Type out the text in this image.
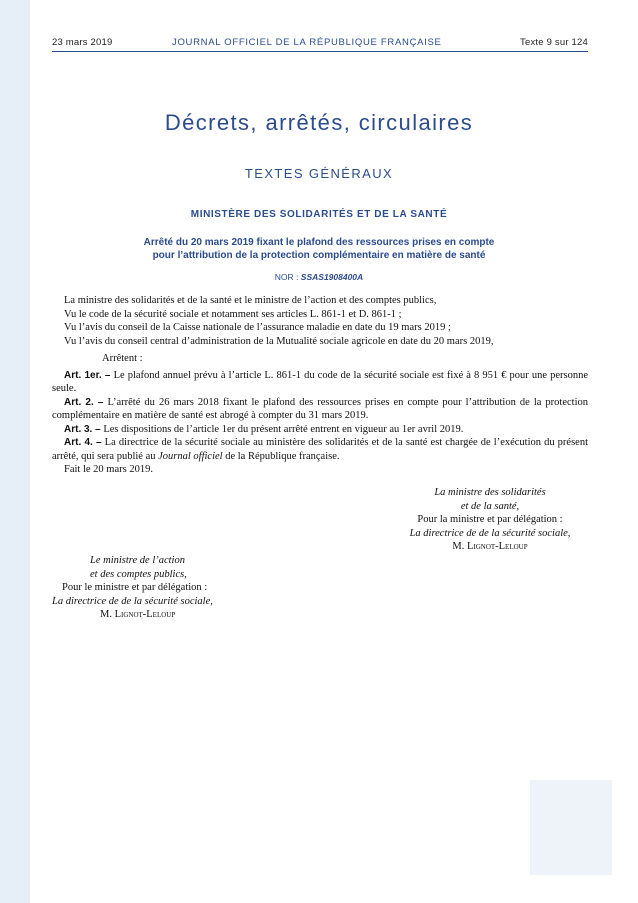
23 mars 2019	JOURNAL OFFICIEL DE LA RÉPUBLIQUE FRANÇAISE	Texte 9 sur 124
Décrets, arrêtés, circulaires
TEXTES GÉNÉRAUX
MINISTÈRE DES SOLIDARITÉS ET DE LA SANTÉ
Arrêté du 20 mars 2019 fixant le plafond des ressources prises en compte
pour l’attribution de la protection complémentaire en matière de santé
NOR : SSAS1908400A

La ministre des solidarités et de la santé et le ministre de l’action et des comptes publics,

Vu le code de la sécurité sociale et notamment ses articles L. 861-1 et D. 861-1 ;

Vu l’avis du conseil de la Caisse nationale de l’assurance maladie en date du 19 mars 2019 ;

Vu l’avis du conseil central d’administration de la Mutualité sociale agricole en date du 20 mars 2019,

Arrêtent :

Art. 1er. – Le plafond annuel prévu à l’article L. 861-1 du code de la sécurité sociale est fixé à 8 951 € pour une personne seule.

Art. 2. – L’arrêté du 26 mars 2018 fixant le plafond des ressources prises en compte pour l’attribution de la protection complémentaire en matière de santé est abrogé à compter du 31 mars 2019.

Art. 3. – Les dispositions de l’article 1er du présent arrêté entrent en vigueur au 1er avril 2019.

Art. 4. – La directrice de la sécurité sociale au ministère des solidarités et de la santé est chargée de l’exécution du présent arrêté, qui sera publié au Journal officiel de la République française.

Fait le 20 mars 2019.

La ministre des solidarités
et de la santé,
Pour la ministre et par délégation :
La directrice de de la sécurité sociale,
M. Lignot-Leloup
Le ministre de l’action
et des comptes publics,
Pour le ministre et par délégation :
La directrice de de la sécurité sociale,
M. Lignot-Leloup
